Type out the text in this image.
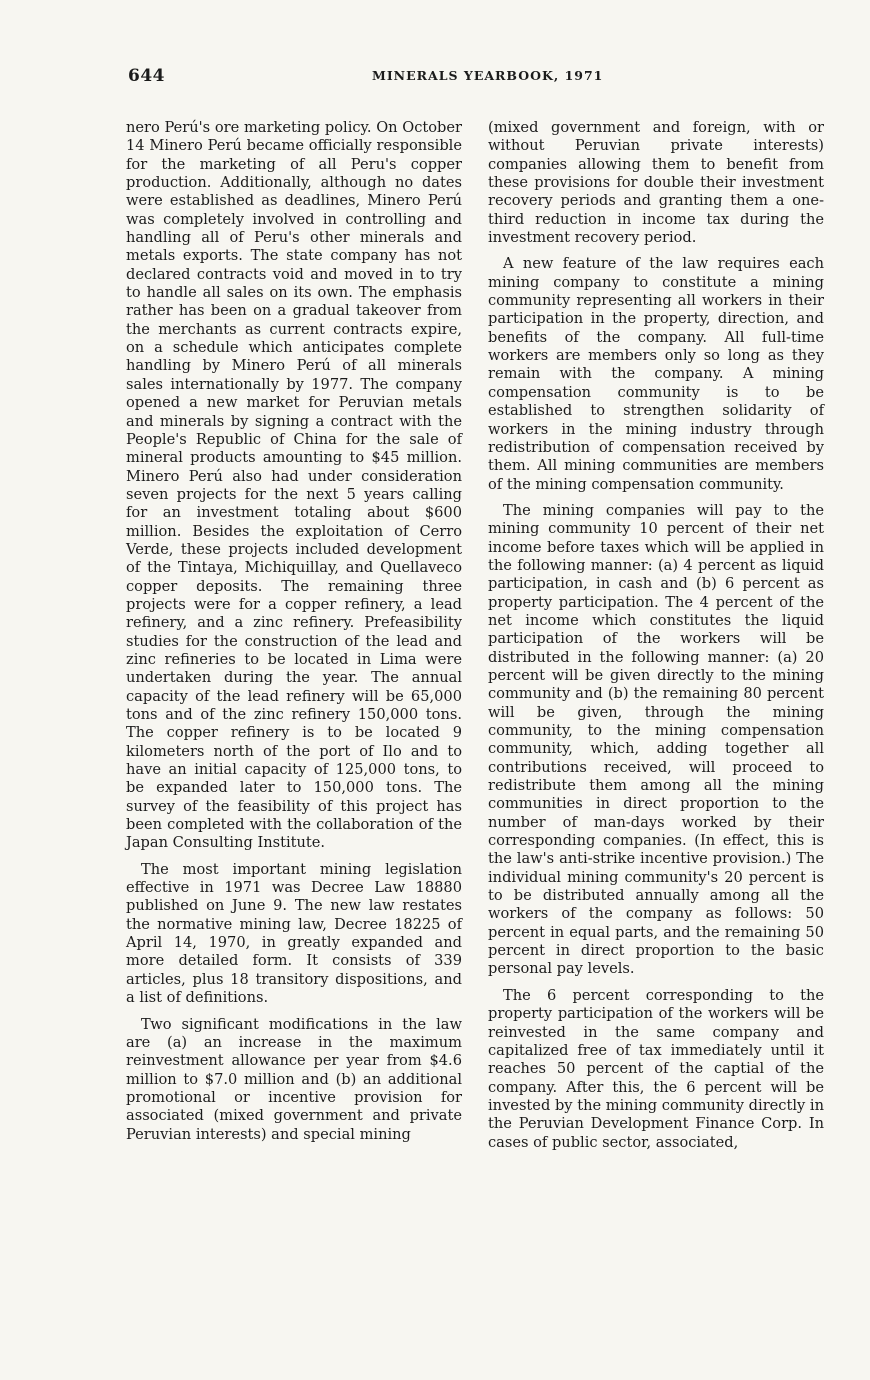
644	MINERALS YEARBOOK, 1971

nero Perú's ore marketing policy. On October 14 Minero Perú became officially responsible for the marketing of all Peru's copper production. Additionally, although no dates were established as deadlines, Minero Perú was completely involved in controlling and handling all of Peru's other minerals and metals exports. The state company has not declared contracts void and moved in to try to handle all sales on its own. The emphasis rather has been on a gradual takeover from the merchants as current contracts expire, on a schedule which anticipates complete handling by Minero Perú of all minerals sales internationally by 1977. The company opened a new market for Peruvian metals and minerals by signing a contract with the People's Republic of China for the sale of mineral products amounting to $45 million. Minero Perú also had under consideration seven projects for the next 5 years calling for an investment totaling about $600 million. Besides the exploitation of Cerro Verde, these projects included development of the Tintaya, Michiquillay, and Quellaveco copper deposits. The remaining three projects were for a copper refinery, a lead refinery, and a zinc refinery. Prefeasibility studies for the construction of the lead and zinc refineries to be located in Lima were undertaken during the year. The annual capacity of the lead refinery will be 65,000 tons and of the zinc refinery 150,000 tons. The copper refinery is to be located 9 kilometers north of the port of Ilo and to have an initial capacity of 125,000 tons, to be expanded later to 150,000 tons. The survey of the feasibility of this project has been completed with the collaboration of the Japan Consulting Institute.

The most important mining legislation effective in 1971 was Decree Law 18880 published on June 9. The new law restates the normative mining law, Decree 18225 of April 14, 1970, in greatly expanded and more detailed form. It consists of 339 articles, plus 18 transitory dispositions, and a list of definitions.

Two significant modifications in the law are (a) an increase in the maximum reinvestment allowance per year from $4.6 million to $7.0 million and (b) an additional promotional or incentive provision for associated (mixed government and private Peruvian interests) and special mining

(mixed government and foreign, with or without Peruvian private interests) companies allowing them to benefit from these provisions for double their investment recovery periods and granting them a one-third reduction in income tax during the investment recovery period.

A new feature of the law requires each mining company to constitute a mining community representing all workers in their participation in the property, direction, and benefits of the company. All full-time workers are members only so long as they remain with the company. A mining compensation community is to be established to strengthen solidarity of workers in the mining industry through redistribution of compensation received by them. All mining communities are members of the mining compensation community.

The mining companies will pay to the mining community 10 percent of their net income before taxes which will be applied in the following manner: (a) 4 percent as liquid participation, in cash and (b) 6 percent as property participation. The 4 percent of the net income which constitutes the liquid participation of the workers will be distributed in the following manner: (a) 20 percent will be given directly to the mining community and (b) the remaining 80 percent will be given, through the mining community, to the mining compensation community, which, adding together all contributions received, will proceed to redistribute them among all the mining communities in direct proportion to the number of man-days worked by their corresponding companies. (In effect, this is the law's anti-strike incentive provision.) The individual mining community's 20 percent is to be distributed annually among all the workers of the company as follows: 50 percent in equal parts, and the remaining 50 percent in direct proportion to the basic personal pay levels.

The 6 percent corresponding to the property participation of the workers will be reinvested in the same company and capitalized free of tax immediately until it reaches 50 percent of the captial of the company. After this, the 6 percent will be invested by the mining community directly in the Peruvian Development Finance Corp. In cases of public sector, associated,
